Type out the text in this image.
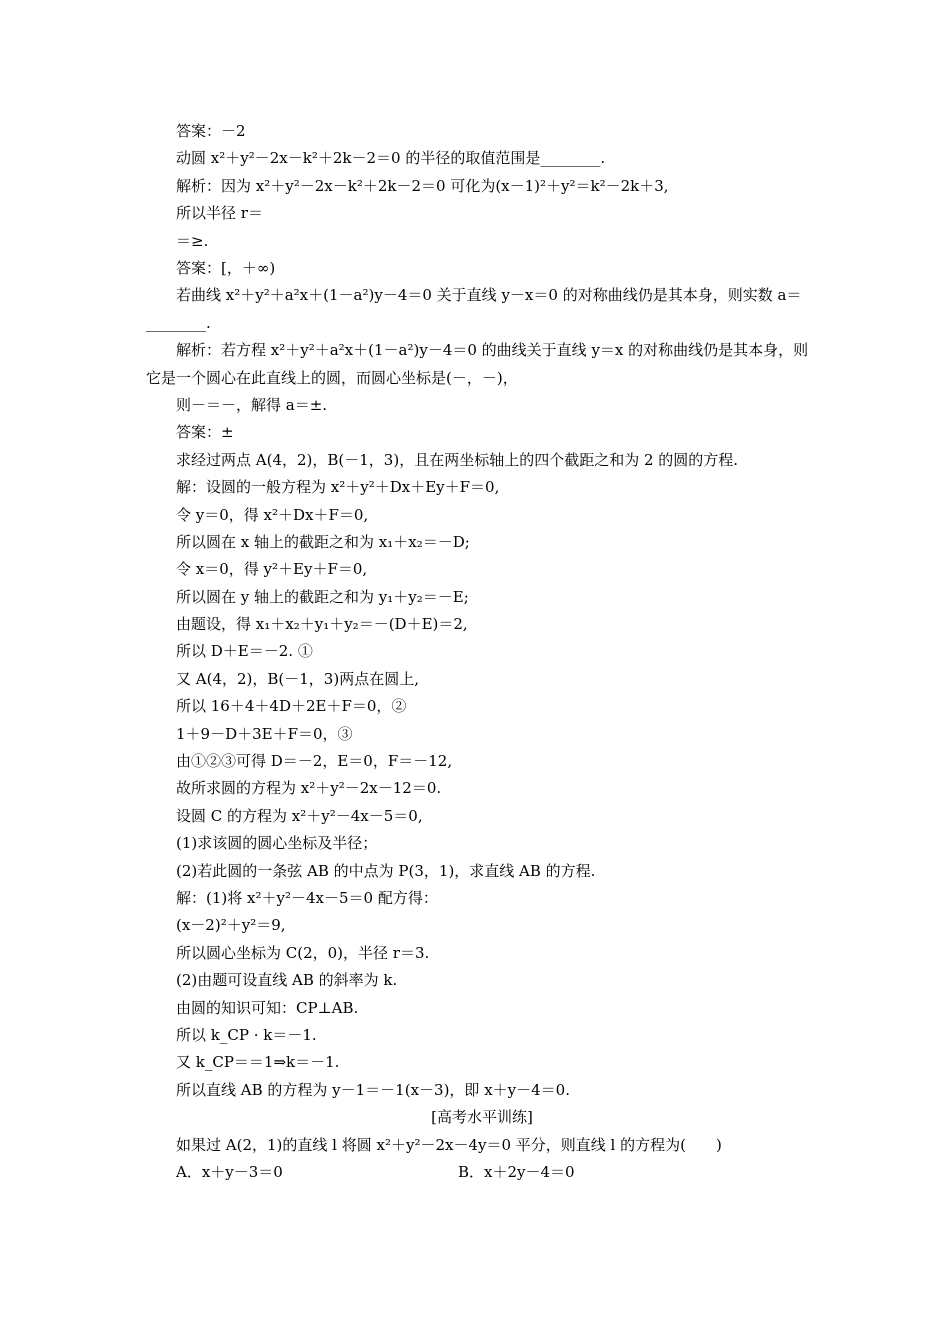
答案：－2
动圆 x²＋y²－2x－k²＋2k－2＝0 的半径的取值范围是________.
解析：因为 x²＋y²－2x－k²＋2k－2＝0 可化为(x－1)²＋y²＝k²－2k＋3,
所以半径 r＝
＝≥.
答案：[，＋∞)
若曲线 x²＋y²＋a²x＋(1－a²)y－4＝0 关于直线 y－x＝0 的对称曲线仍是其本身，则实数 a＝________.
解析：若方程 x²＋y²＋a²x＋(1－a²)y－4＝0 的曲线关于直线 y＝x 的对称曲线仍是其本身，则它是一个圆心在此直线上的圆，而圆心坐标是(－，－)，
则－＝－，解得 a＝±.
答案：±
求经过两点 A(4，2)，B(－1，3)，且在两坐标轴上的四个截距之和为 2 的圆的方程.
解：设圆的一般方程为 x²＋y²＋Dx＋Ey＋F＝0,
令 y＝0，得 x²＋Dx＋F＝0,
所以圆在 x 轴上的截距之和为 x₁＋x₂＝－D;
令 x＝0，得 y²＋Ey＋F＝0,
所以圆在 y 轴上的截距之和为 y₁＋y₂＝－E;
由题设，得 x₁＋x₂＋y₁＋y₂＝－(D＋E)＝2,
所以 D＋E＝－2. ①
又 A(4，2)，B(－1，3)两点在圆上,
所以 16＋4＋4D＋2E＋F＝0，②
1＋9－D＋3E＋F＝0，③
由①②③可得 D＝－2，E＝0，F＝－12,
故所求圆的方程为 x²＋y²－2x－12＝0.
设圆 C 的方程为 x²＋y²－4x－5＝0,
(1)求该圆的圆心坐标及半径；
(2)若此圆的一条弦 AB 的中点为 P(3，1)，求直线 AB 的方程.
解：(1)将 x²＋y²－4x－5＝0 配方得：
(x－2)²＋y²＝9,
所以圆心坐标为 C(2，0)，半径 r＝3.
(2)由题可设直线 AB 的斜率为 k.
由圆的知识可知：CP⊥AB.
所以 k_CP · k＝－1.
又 k_CP＝＝1⇒k＝－1.
所以直线 AB 的方程为 y－1＝－1(x－3)，即 x＋y－4＝0.
[高考水平训练]
如果过 A(2，1)的直线 l 将圆 x²＋y²－2x－4y＝0 平分，则直线 l 的方程为(　　)
A．x＋y－3＝0	B．x＋2y－4＝0
